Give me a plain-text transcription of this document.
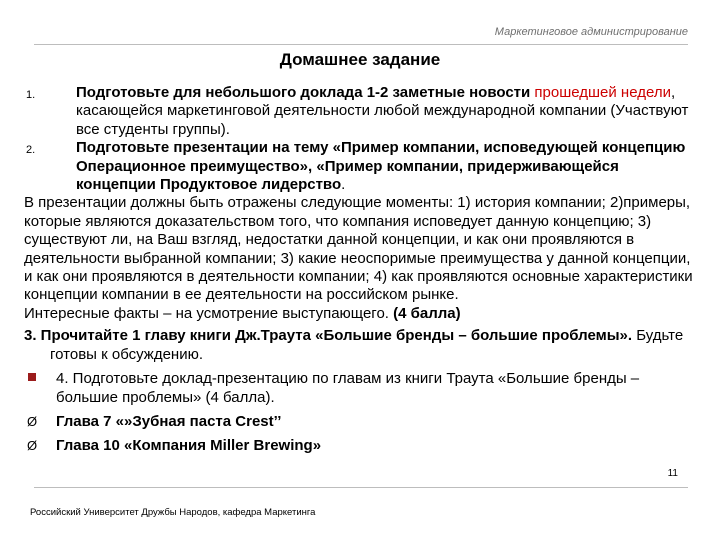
Маркетинговое администрирование
Домашнее задание
1.	Подготовьте для небольшого доклада 1-2 заметные новости прошедшей недели, касающейся маркетинговой деятельности любой международной компании (Участвуют все студенты группы).
2.	Подготовьте презентации на тему «Пример компании, исповедующей концепцию Операционное преимущество», «Пример компании, придерживающейся концепции Продуктовое лидерство.
В презентации должны быть отражены следующие моменты: 1) история компании; 2)примеры, которые являются доказательством того, что компания исповедует данную концепцию; 3) существуют ли, на Ваш взгляд, недостатки данной концепции, и как они проявляются в деятельности выбранной компании; 3) какие неоспоримые преимущества у данной концепции, и как они проявляются в деятельности компании; 4) как проявляются основные характеристики концепции компании в ее деятельности на российском рынке.
Интересные факты – на усмотрение выступающего. (4 балла)
3. Прочитайте 1 главу книги Дж.Траута «Большие бренды – большие проблемы». Будьте готовы к обсуждению.
4. Подготовьте доклад-презентацию по главам из книги Траута «Большие бренды – большие проблемы» (4 балла).
Ø Глава 7 «»Зубная паста Crest’’
Ø Глава 10 «Компания Miller Brewing»
11
Российский Университет Дружбы Народов, кафедра Маркетинга
